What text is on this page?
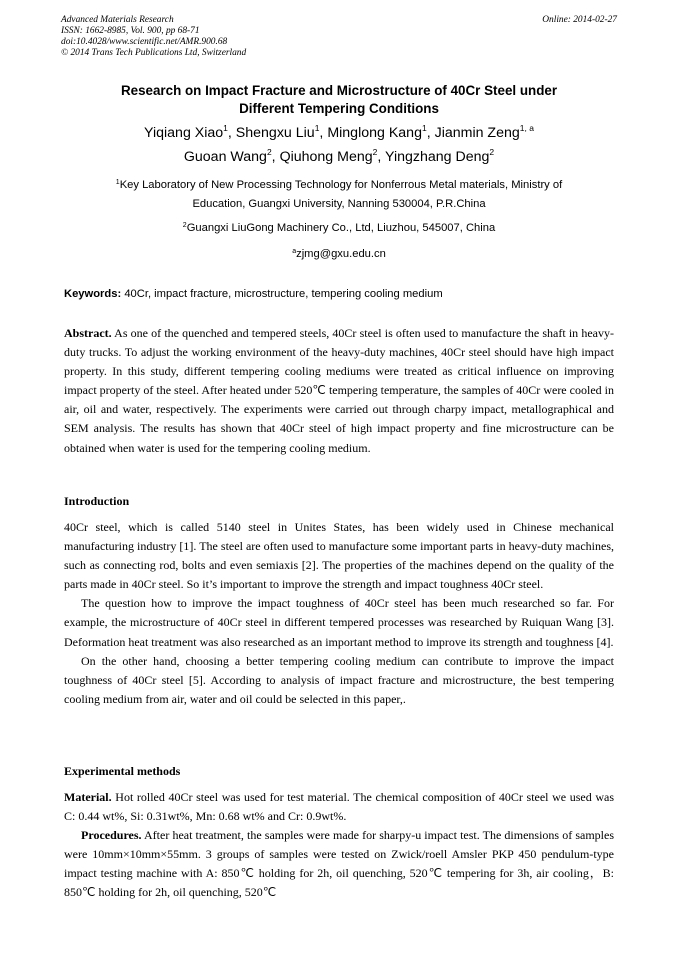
Advanced Materials Research
ISSN: 1662-8985, Vol. 900, pp 68-71
doi:10.4028/www.scientific.net/AMR.900.68
© 2014 Trans Tech Publications Ltd, Switzerland
Online: 2014-02-27
Research on Impact Fracture and Microstructure of 40Cr Steel under
Different Tempering Conditions
Yiqiang Xiao$^1$, Shengxu Liu$^1$, Minglong Kang$^1$, Jianmin Zeng$^{1, a}$
Guoan Wang$^2$, Qiuhong Meng$^2$, Yingzhang Deng$^2$
$^1$Key Laboratory of New Processing Technology for Nonferrous Metal materials, Ministry of
Education, Guangxi University, Nanning 530004, P.R.China
$^2$Guangxi LiuGong Machinery Co., Ltd, Liuzhou, 545007, China
$^a$zjmg@gxu.edu.cn
Keywords: 40Cr, impact fracture, microstructure, tempering cooling medium

Abstract. As one of the quenched and tempered steels, 40Cr steel is often used to manufacture the shaft in heavy-duty trucks. To adjust the working environment of the heavy-duty machines, 40Cr steel should have high impact property. In this study, different tempering cooling mediums were treated as critical influence on improving impact property of the steel. After heated under 520℃ tempering temperature, the samples of 40Cr were cooled in air, oil and water, respectively. The experiments were carried out through charpy impact, metallographical and SEM analysis. The results has shown that 40Cr steel of high impact property and fine microstructure can be obtained when water is used for the tempering cooling medium.

Introduction

40Cr steel, which is called 5140 steel in Unites States, has been widely used in Chinese mechanical manufacturing industry [1]. The steel are often used to manufacture some important parts in heavy-duty machines, such as connecting rod, bolts and even semiaxis [2]. The properties of the machines depend on the quality of the parts made in 40Cr steel. So it’s important to improve the strength and impact toughness 40Cr steel.

The question how to improve the impact toughness of 40Cr steel has been much researched so far. For example, the microstructure of 40Cr steel in different tempered processes was researched by Ruiquan Wang [3]. Deformation heat treatment was also researched as an important method to improve its strength and toughness [4].

On the other hand, choosing a better tempering cooling medium can contribute to improve the impact toughness of 40Cr steel [5]. According to analysis of impact fracture and microstructure, the best tempering cooling medium from air, water and oil could be selected in this paper,.

Experimental methods

Material. Hot rolled 40Cr steel was used for test material. The chemical composition of 40Cr steel we used was C: 0.44 wt%, Si: 0.31wt%, Mn: 0.68 wt% and Cr: 0.9wt%.

Procedures. After heat treatment, the samples were made for sharpy-u impact test. The dimensions of samples were 10mm×10mm×55mm. 3 groups of samples were tested on Zwick/roell Amsler PKP 450 pendulum-type impact testing machine with A: 850℃ holding for 2h, oil quenching, 520℃ tempering for 3h, air cooling，B: 850℃ holding for 2h, oil quenching, 520℃
